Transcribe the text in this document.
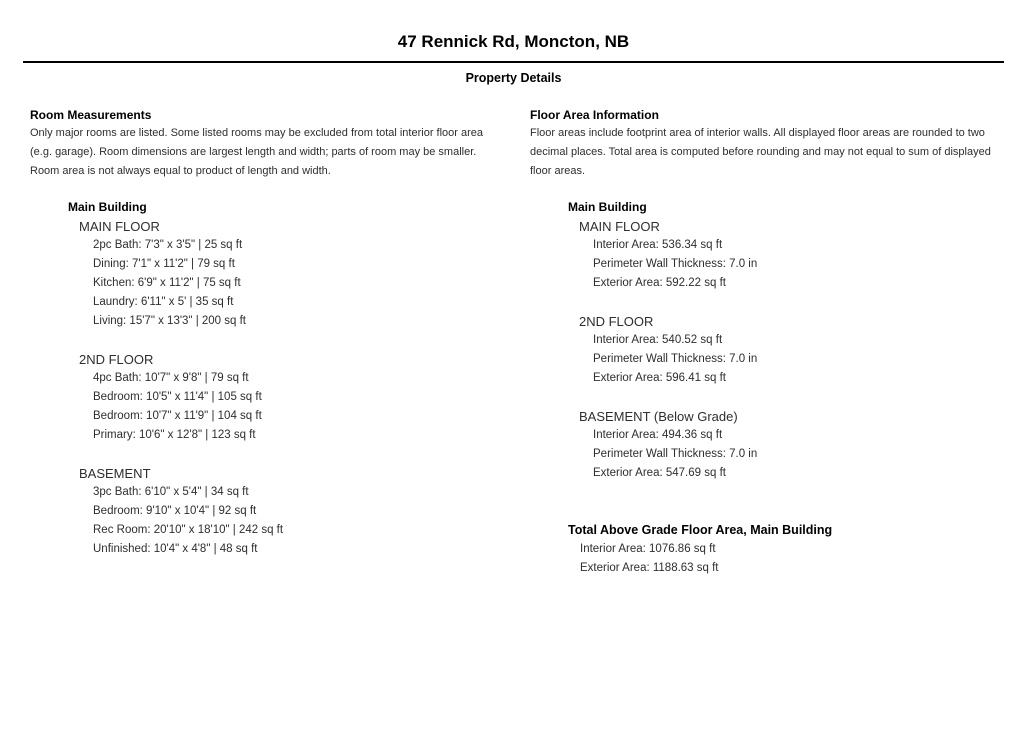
47 Rennick Rd, Moncton, NB
Property Details
Room Measurements

Only major rooms are listed. Some listed rooms may be excluded from total interior floor area (e.g. garage). Room dimensions are largest length and width; parts of room may be smaller. Room area is not always equal to product of length and width.

Main Building
MAIN FLOOR
2pc Bath: 7'3" x 3'5" | 25 sq ft
Dining: 7'1" x 11'2" | 79 sq ft
Kitchen: 6'9" x 11'2" | 75 sq ft
Laundry: 6'11" x 5' | 35 sq ft
Living: 15'7" x 13'3" | 200 sq ft
2ND FLOOR
4pc Bath: 10'7" x 9'8" | 79 sq ft
Bedroom: 10'5" x 11'4" | 105 sq ft
Bedroom: 10'7" x 11'9" | 104 sq ft
Primary: 10'6" x 12'8" | 123 sq ft
BASEMENT
3pc Bath: 6'10" x 5'4" | 34 sq ft
Bedroom: 9'10" x 10'4" | 92 sq ft
Rec Room: 20'10" x 18'10" | 242 sq ft
Unfinished: 10'4" x 4'8" | 48 sq ft
Floor Area Information

Floor areas include footprint area of interior walls. All displayed floor areas are rounded to two decimal places. Total area is computed before rounding and may not equal to sum of displayed floor areas.

Main Building
MAIN FLOOR
Interior Area: 536.34 sq ft
Perimeter Wall Thickness: 7.0 in
Exterior Area: 592.22 sq ft
2ND FLOOR
Interior Area: 540.52 sq ft
Perimeter Wall Thickness: 7.0 in
Exterior Area: 596.41 sq ft
BASEMENT (Below Grade)
Interior Area: 494.36 sq ft
Perimeter Wall Thickness: 7.0 in
Exterior Area: 547.69 sq ft
Total Above Grade Floor Area, Main Building
Interior Area: 1076.86 sq ft
Exterior Area: 1188.63 sq ft
